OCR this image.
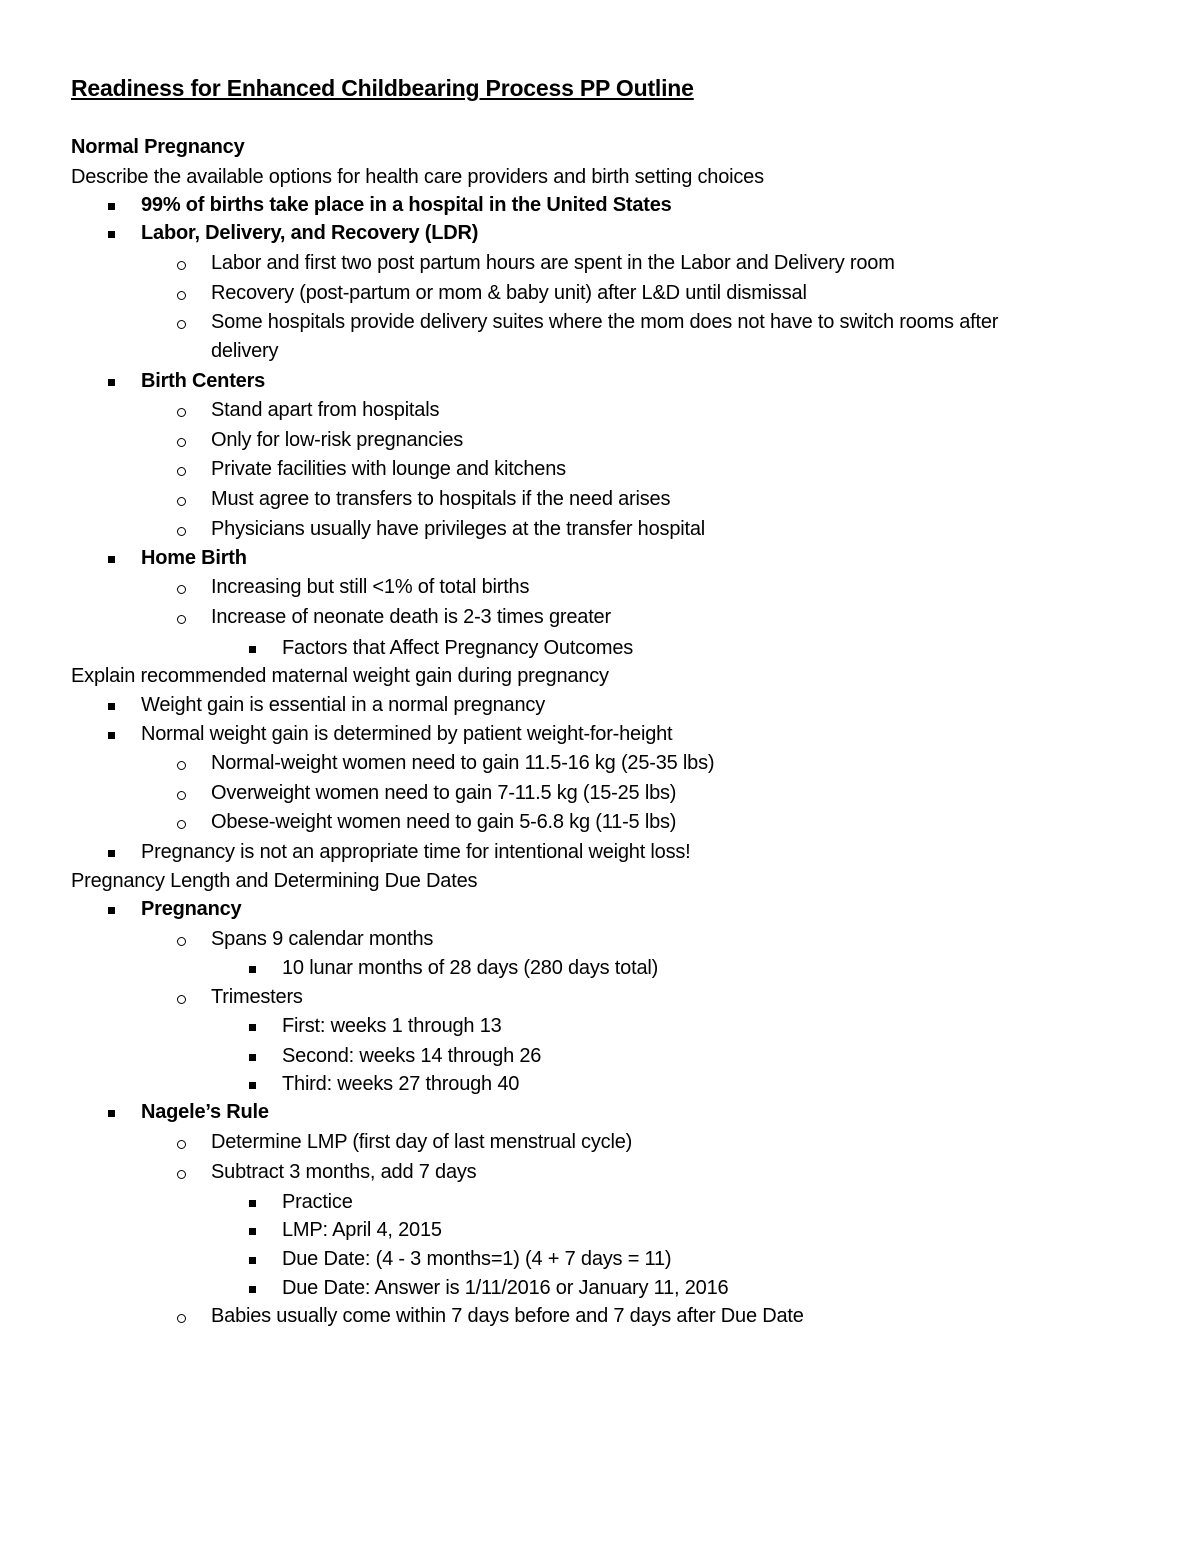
Readiness for Enhanced Childbearing Process PP Outline
Normal Pregnancy
Describe the available options for health care providers and birth setting choices
99% of births take place in a hospital in the United States
Labor, Delivery, and Recovery (LDR)
Labor and first two post partum hours are spent in the Labor and Delivery room
Recovery (post-partum or mom & baby unit) after L&D until dismissal
Some hospitals provide delivery suites where the mom does not have to switch rooms after
delivery
Birth Centers
Stand apart from hospitals
Only for low-risk pregnancies
Private facilities with lounge and kitchens
Must agree to transfers to hospitals if the need arises
Physicians usually have privileges at the transfer hospital
Home Birth
Increasing but still <1% of total births
Increase of neonate death is 2-3 times greater
Factors that Affect Pregnancy Outcomes
Explain recommended maternal weight gain during pregnancy
Weight gain is essential in a normal pregnancy
Normal weight gain is determined by patient weight-for-height
Normal-weight women need to gain 11.5-16 kg (25-35 lbs)
Overweight women need to gain 7-11.5 kg (15-25 lbs)
Obese-weight women need to gain 5-6.8 kg (11-5 lbs)
Pregnancy is not an appropriate time for intentional weight loss!
Pregnancy Length and Determining Due Dates
Pregnancy
Spans 9 calendar months
10 lunar months of 28 days (280 days total)
Trimesters
First: weeks 1 through 13
Second: weeks 14 through 26
Third: weeks 27 through 40
Nagele’s Rule
Determine LMP (first day of last menstrual cycle)
Subtract 3 months, add 7 days
Practice
LMP: April 4, 2015
Due Date: (4 - 3 months=1) (4 + 7 days = 11)
Due Date: Answer is 1/11/2016 or January 11, 2016
Babies usually come within 7 days before and 7 days after Due Date
